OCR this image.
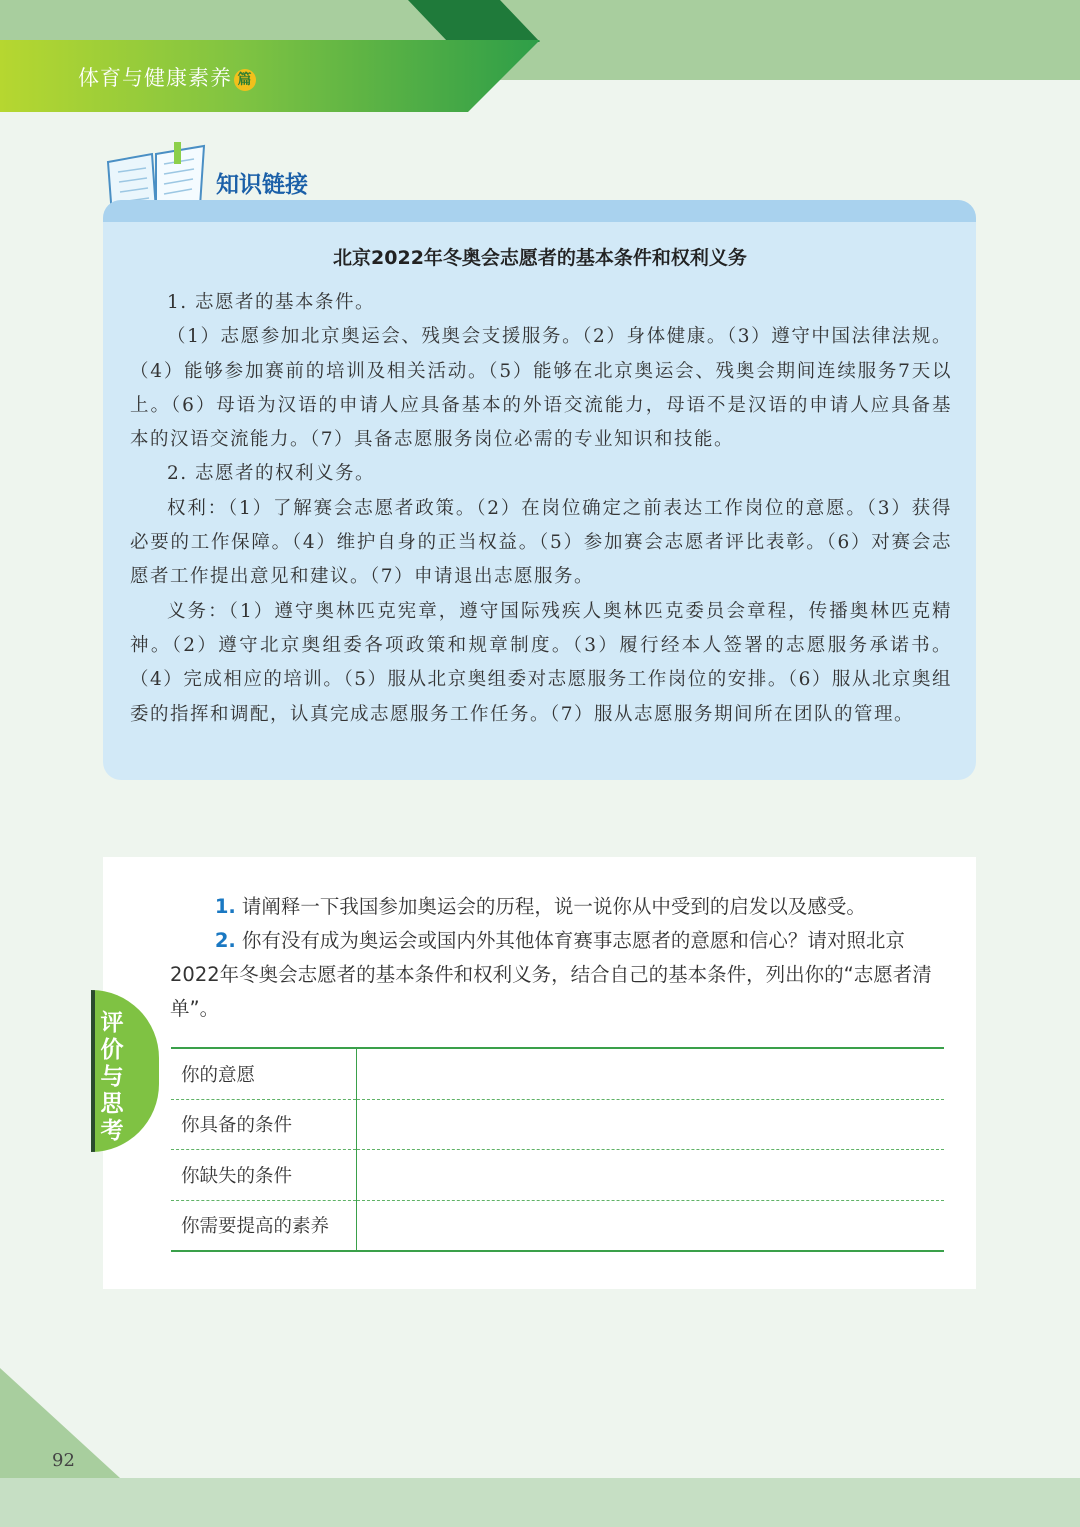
体育与健康素养 篇
知识链接
北京2022年冬奥会志愿者的基本条件和权利义务

1. 志愿者的基本条件。

（1）志愿参加北京奥运会、残奥会支援服务。（2）身体健康。（3）遵守中国法律法规。（4）能够参加赛前的培训及相关活动。（5）能够在北京奥运会、残奥会期间连续服务7天以上。（6）母语为汉语的申请人应具备基本的外语交流能力，母语不是汉语的申请人应具备基本的汉语交流能力。（7）具备志愿服务岗位必需的专业知识和技能。

2. 志愿者的权利义务。

权利：（1）了解赛会志愿者政策。（2）在岗位确定之前表达工作岗位的意愿。（3）获得必要的工作保障。（4）维护自身的正当权益。（5）参加赛会志愿者评比表彰。（6）对赛会志愿者工作提出意见和建议。（7）申请退出志愿服务。

义务：（1）遵守奥林匹克宪章，遵守国际残疾人奥林匹克委员会章程，传播奥林匹克精神。（2）遵守北京奥组委各项政策和规章制度。（3）履行经本人签署的志愿服务承诺书。（4）完成相应的培训。（5）服从北京奥组委对志愿服务工作岗位的安排。（6）服从北京奥组委的指挥和调配，认真完成志愿服务工作任务。（7）服从志愿服务期间所在团队的管理。

评价与思考

1. 请阐释一下我国参加奥运会的历程，说一说你从中受到的启发以及感受。

2. 你有没有成为奥运会或国内外其他体育赛事志愿者的意愿和信心？请对照北京2022年冬奥会志愿者的基本条件和权利义务，结合自己的基本条件，列出你的“志愿者清单”。

你的意愿	
你具备的条件	
你缺失的条件	
你需要提高的素养	
92
